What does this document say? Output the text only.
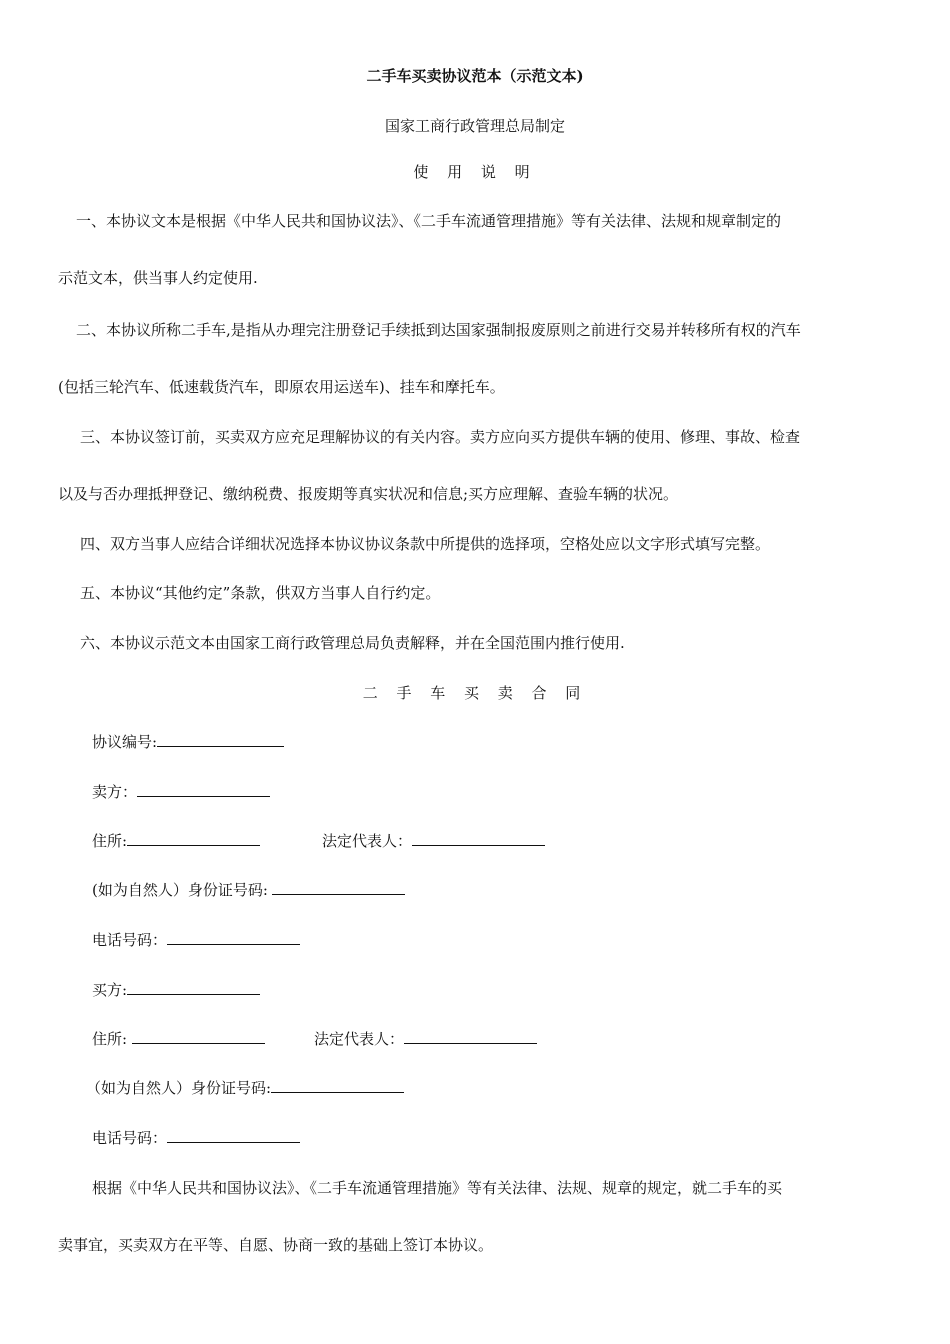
二手车买卖协议范本（示范文本)
国家工商行政管理总局制定
使 用 说 明
一、本协议文本是根据《中华人民共和国协议法》、《二手车流通管理措施》等有关法律、法规和规章制定的
示范文本，供当事人约定使用.
二、本协议所称二手车,是指从办理完注册登记手续抵到达国家强制报废原则之前进行交易并转移所有权的汽车
(包括三轮汽车、低速载货汽车，即原农用运送车)、挂车和摩托车。
三、本协议签订前，买卖双方应充足理解协议的有关内容。卖方应向买方提供车辆的使用、修理、事故、检查
以及与否办理抵押登记、缴纳税费、报废期等真实状况和信息;买方应理解、查验车辆的状况。
四、双方当事人应结合详细状况选择本协议协议条款中所提供的选择项，空格处应以文字形式填写完整。
五、本协议“其他约定”条款，供双方当事人自行约定。
六、本协议示范文本由国家工商行政管理总局负责解释，并在全国范围内推行使用.
二 手 车 买 卖 合 同
协议编号:
卖方：
住所:	法定代表人：
(如为自然人）身份证号码:
电话号码：
买方:
住所:	法定代表人：
（如为自然人）身份证号码:
电话号码：
根据《中华人民共和国协议法》、《二手车流通管理措施》等有关法律、法规、规章的规定，就二手车的买
卖事宜，买卖双方在平等、自愿、协商一致的基础上签订本协议。
